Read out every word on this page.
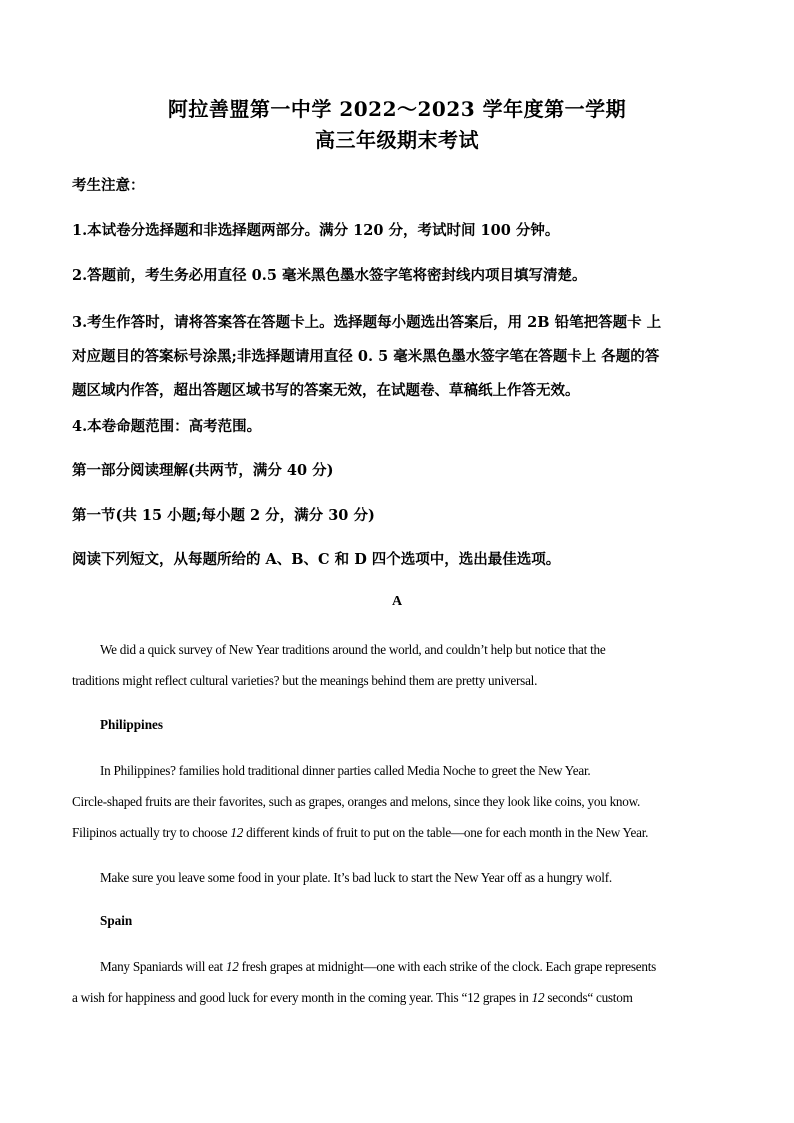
阿拉善盟第一中学 2022～2023 学年度第一学期
高三年级期末考试
考生注意：
1.本试卷分选择题和非选择题两部分。满分 120 分，考试时间 100 分钟。
2.答题前，考生务必用直径 0.5 毫米黑色墨水签字笔将密封线内项目填写清楚。
3.考生作答时，请将答案答在答题卡上。选择题每小题选出答案后，用 2B 铅笔把答题卡 上
对应题目的答案标号涂黑;非选择题请用直径 0. 5 毫米黑色墨水签字笔在答题卡上 各题的答
题区域内作答，超出答题区域书写的答案无效，在试题卷、草稿纸上作答无效。
4.本卷命题范围：高考范围。
第一部分阅读理解(共两节，满分 40 分)
第一节(共 15 小题;每小题 2 分，满分 30 分)
阅读下列短文，从每题所给的 A、B、C 和 D 四个选项中，选出最佳选项。
A
We did a quick survey of New Year traditions around the world, and couldn’t help but notice that the
traditions might reflect cultural varieties? but the meanings behind them are pretty universal.
Philippines
In Philippines? families hold traditional dinner parties called Media Noche to greet the New Year.
Circle-shaped fruits are their favorites, such as grapes, oranges and melons, since they look like coins, you know.
Filipinos actually try to choose 12 different kinds of fruit to put on the table—one for each month in the New Year.
Make sure you leave some food in your plate. It’s bad luck to start the New Year off as a hungry wolf.
Spain
Many Spaniards will eat 12 fresh grapes at midnight—one with each strike of the clock. Each grape represents
a wish for happiness and good luck for every month in the coming year. This “12 grapes in 12 seconds“ custom
